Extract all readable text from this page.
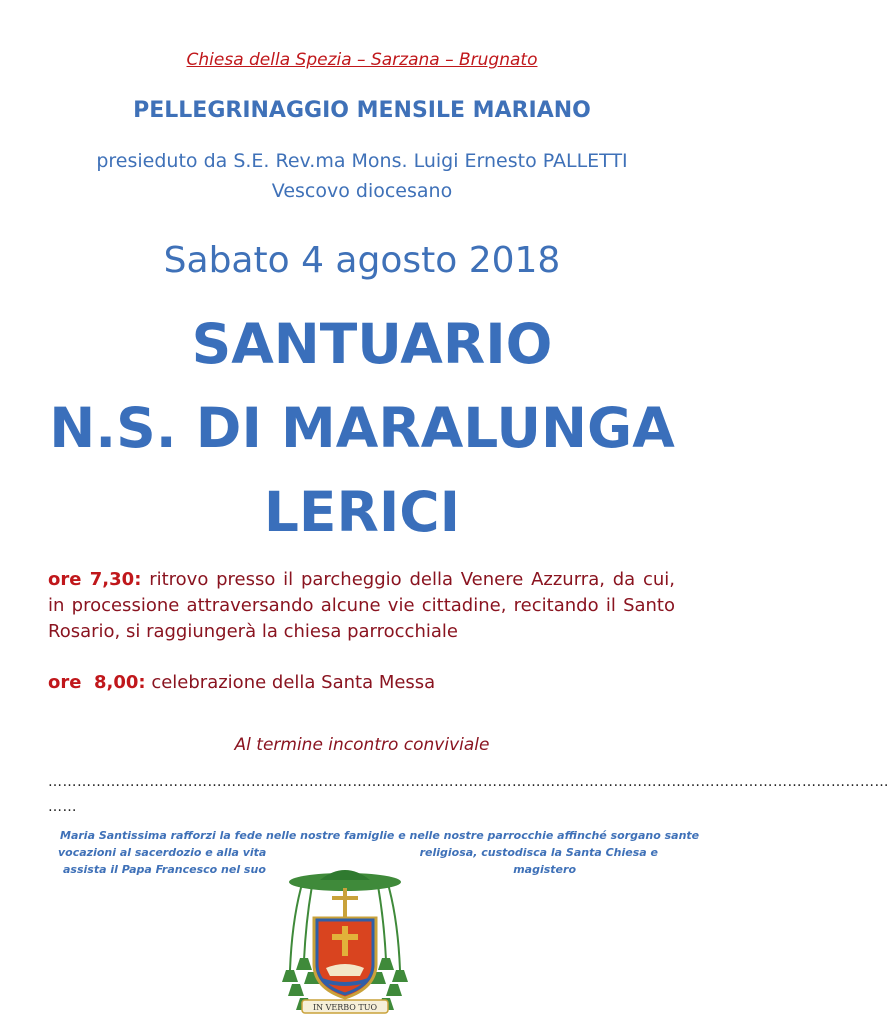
Chiesa della Spezia – Sarzana – Brugnato
PELLEGRINAGGIO MENSILE MARIANO
presieduto da S.E. Rev.ma Mons. Luigi Ernesto PALLETTI
Vescovo diocesano
Sabato 4 agosto 2018
SANTUARIO
N.S. DI MARALUNGA
LERICI
ore 7,30: ritrovo presso il parcheggio della Venere Azzurra, da cui, in processione attraversando alcune vie cittadine, recitando il Santo Rosario, si raggiungerà la chiesa parrocchiale
ore  8,00: celebrazione della Santa Messa
Al termine incontro conviviale
…………………………………………………………………………………………………………………………………………………………
……
Maria Santissima rafforzi la fede nelle nostre famiglie e nelle nostre parrocchie affinché sorgano sante
vocazioni al sacerdozio e alla vita	religiosa, custodisca la Santa Chiesa e
assista il Papa Francesco nel suo	magistero
IN VERBO TUO
